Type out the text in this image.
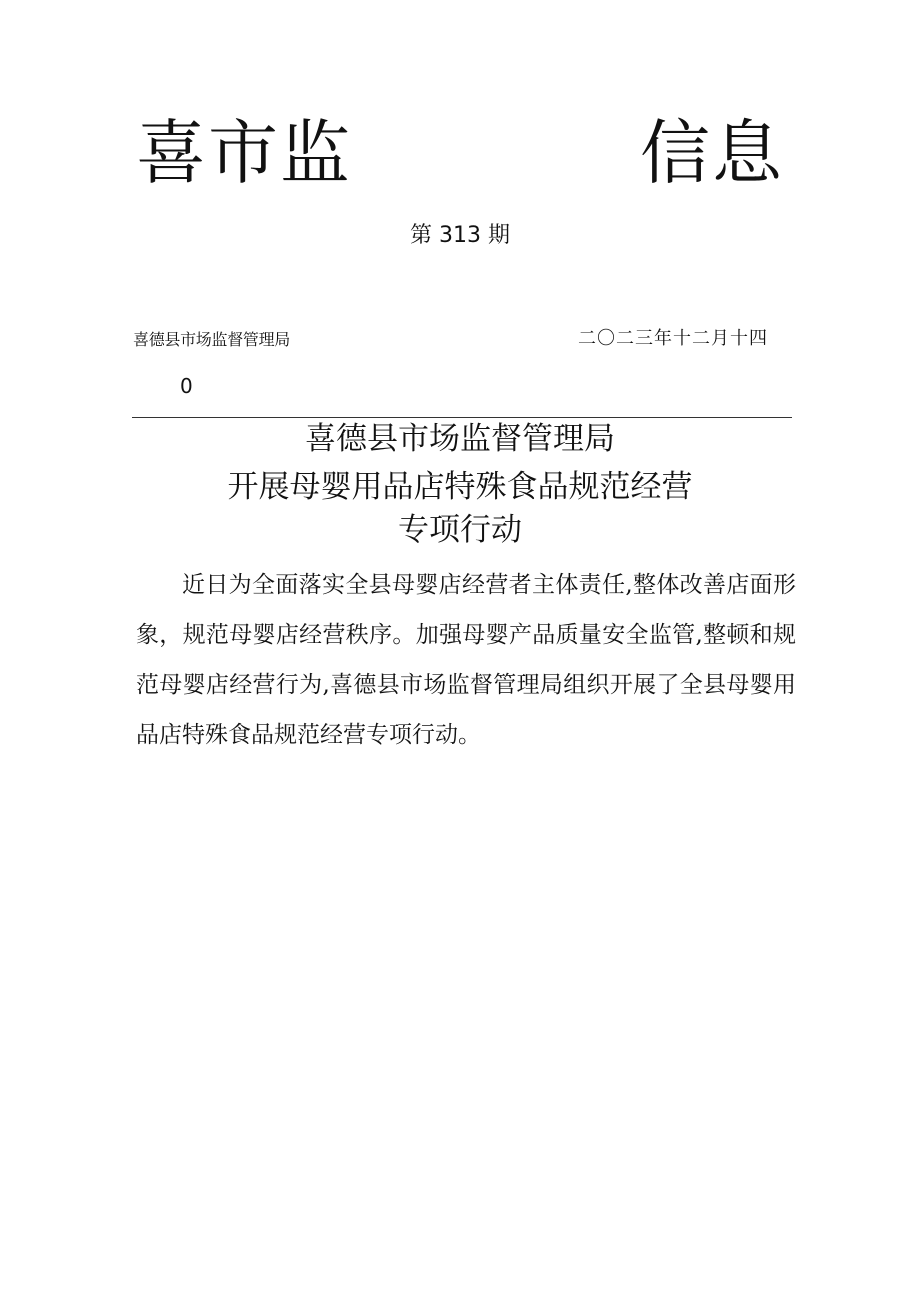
喜市监	信息
第 313 期
喜德县市场监督管理局	二〇二三年十二月十四
0
喜德县市场监督管理局
开展母婴用品店特殊食品规范经营
专项行动

近日为全面落实全县母婴店经营者主体责任,整体改善店面形象，规范母婴店经营秩序。加强母婴产品质量安全监管,整顿和规范母婴店经营行为,喜德县市场监督管理局组织开展了全县母婴用品店特殊食品规范经营专项行动。
